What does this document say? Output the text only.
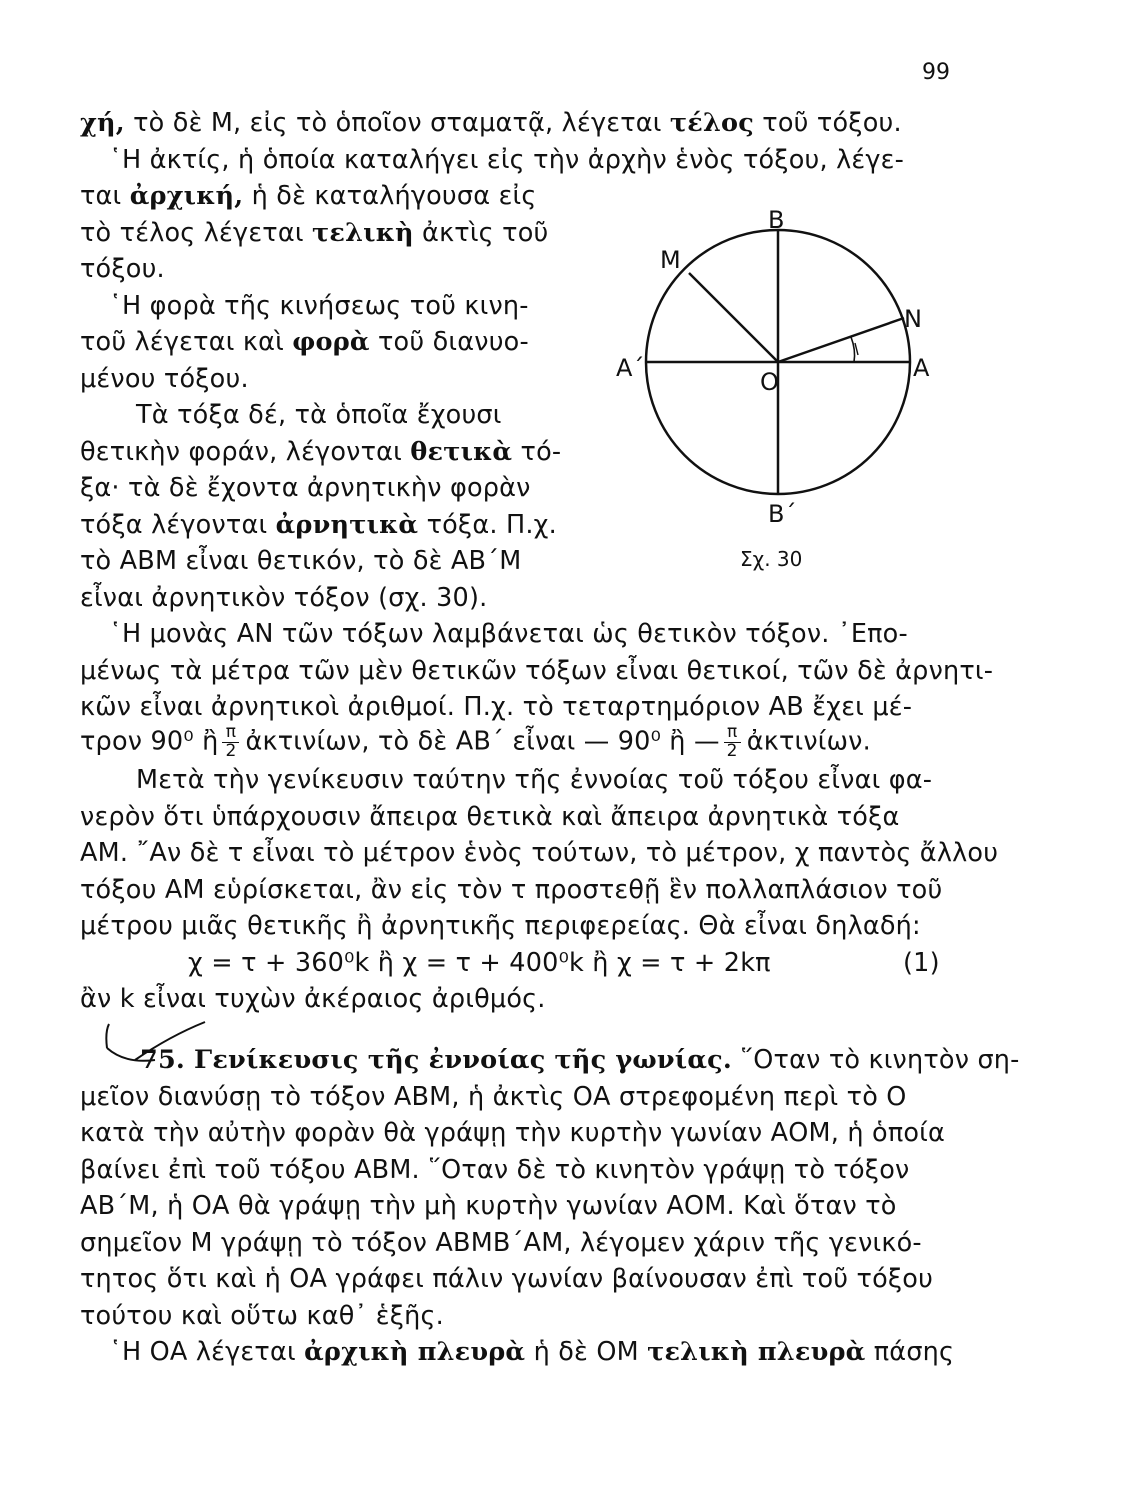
99
χή, τὸ δὲ Μ, εἰς τὸ ὁποῖον σταματᾷ, λέγεται τέλος τοῦ τόξου.
῾Η ἀκτίς, ἡ ὁποία καταλήγει εἰς τὴν ἀρχὴν ἑνὸς τόξου, λέγε-
ται ἀρχική, ἡ δὲ καταλήγουσα εἰς
τὸ τέλος λέγεται τελικὴ ἀκτὶς τοῦ
τόξου.
῾Η φορὰ τῆς κινήσεως τοῦ κινη-
τοῦ λέγεται καὶ φορὰ τοῦ διανυο-
μένου τόξου.
Τὰ τόξα δέ, τὰ ὁποῖα ἔχουσι
θετικὴν φοράν, λέγονται θετικὰ τό-
ξα· τὰ δὲ ἔχοντα ἀρνητικὴν φορὰν
τόξα λέγονται ἀρνητικὰ τόξα. Π.χ.
τὸ ΑΒΜ εἶναι θετικόν, τὸ δὲ ΑΒ΄Μ
εἶναι ἀρνητικὸν τόξον (σχ. 30).
῾Η μονὰς ΑΝ τῶν τόξων λαμβάνεται ὡς θετικὸν τόξον. ᾿Επο-
μένως τὰ μέτρα τῶν μὲν θετικῶν τόξων εἶναι θετικοί, τῶν δὲ ἀρνητι-
κῶν εἶναι ἀρνητικοὶ ἀριθμοί. Π.χ. τὸ τεταρτημόριον ΑΒ ἔχει μέ-
τρον 90⁰ ἢ $\frac{\pi}{2}$ ἀκτινίων, τὸ δὲ ΑΒ΄ εἶναι — 90⁰ ἢ — $\frac{\pi}{2}$ ἀκτινίων.
Μετὰ τὴν γενίκευσιν ταύτην τῆς ἐννοίας τοῦ τόξου εἶναι φα-
νερὸν ὅτι ὑπάρχουσιν ἄπειρα θετικὰ καὶ ἄπειρα ἀρνητικὰ τόξα
ΑΜ. ῎Αν δὲ τ εἶναι τὸ μέτρον ἑνὸς τούτων, τὸ μέτρον, χ παντὸς ἄλλου
τόξου ΑΜ εὑρίσκεται, ἂν εἰς τὸν τ προστεθῇ ἓν πολλαπλάσιον τοῦ
μέτρου μιᾶς θετικῆς ἢ ἀρνητικῆς περιφερείας. Θὰ εἶναι δηλαδή:
χ = τ + 360⁰k ἢ χ = τ + 400⁰k ἢ χ = τ + 2kπ	(1)
ἂν k εἶναι τυχὼν ἀκέραιος ἀριθμός.
75. Γενίκευσις τῆς ἐννοίας τῆς γωνίας. ῞Οταν τὸ κινητὸν ση-
μεῖον διανύσῃ τὸ τόξον ΑΒΜ, ἡ ἀκτὶς ΟΑ στρεφομένη περὶ τὸ Ο
κατὰ τὴν αὐτὴν φορὰν θὰ γράψῃ τὴν κυρτὴν γωνίαν ΑΟΜ, ἡ ὁποία
βαίνει ἐπὶ τοῦ τόξου ΑΒΜ. ῞Οταν δὲ τὸ κινητὸν γράψῃ τὸ τόξον
ΑΒ΄Μ, ἡ ΟΑ θὰ γράψῃ τὴν μὴ κυρτὴν γωνίαν ΑΟΜ. Καὶ ὅταν τὸ
σημεῖον Μ γράψῃ τὸ τόξον ΑΒΜΒ΄ΑΜ, λέγομεν χάριν τῆς γενικό-
τητος ὅτι καὶ ἡ ΟΑ γράφει πάλιν γωνίαν βαίνουσαν ἐπὶ τοῦ τόξου
τούτου καὶ οὕτω καθ᾿ ἑξῆς.
῾Η ΟΑ λέγεται ἀρχικὴ πλευρὰ ἡ δὲ ΟΜ τελικὴ πλευρὰ πάσης
B
M
N
Α΄	O	Α
Β΄
Σχ. 30
